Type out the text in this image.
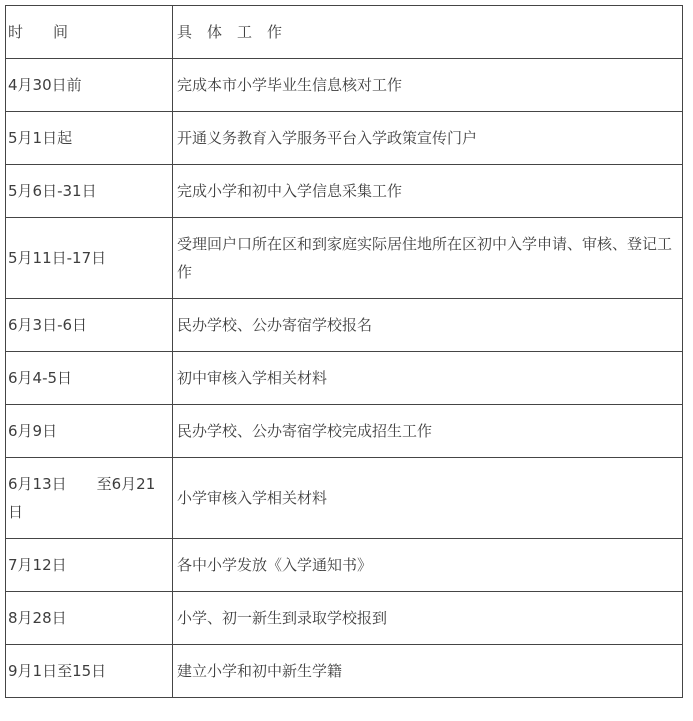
时　　间	具　体　工　作
4月30日前	完成本市小学毕业生信息核对工作
5月1日起	开通义务教育入学服务平台入学政策宣传门户
5月6日-31日	完成小学和初中入学信息采集工作
5月11日-17日	受理回户口所在区和到家庭实际居住地所在区初中入学申请、审核、登记工作
6月3日-6日	民办学校、公办寄宿学校报名
6月4-5日	初中审核入学相关材料
6月9日	民办学校、公办寄宿学校完成招生工作
6月13日　　至6月21日	小学审核入学相关材料
7月12日	各中小学发放《入学通知书》
8月28日	小学、初一新生到录取学校报到
9月1日至15日	建立小学和初中新生学籍
